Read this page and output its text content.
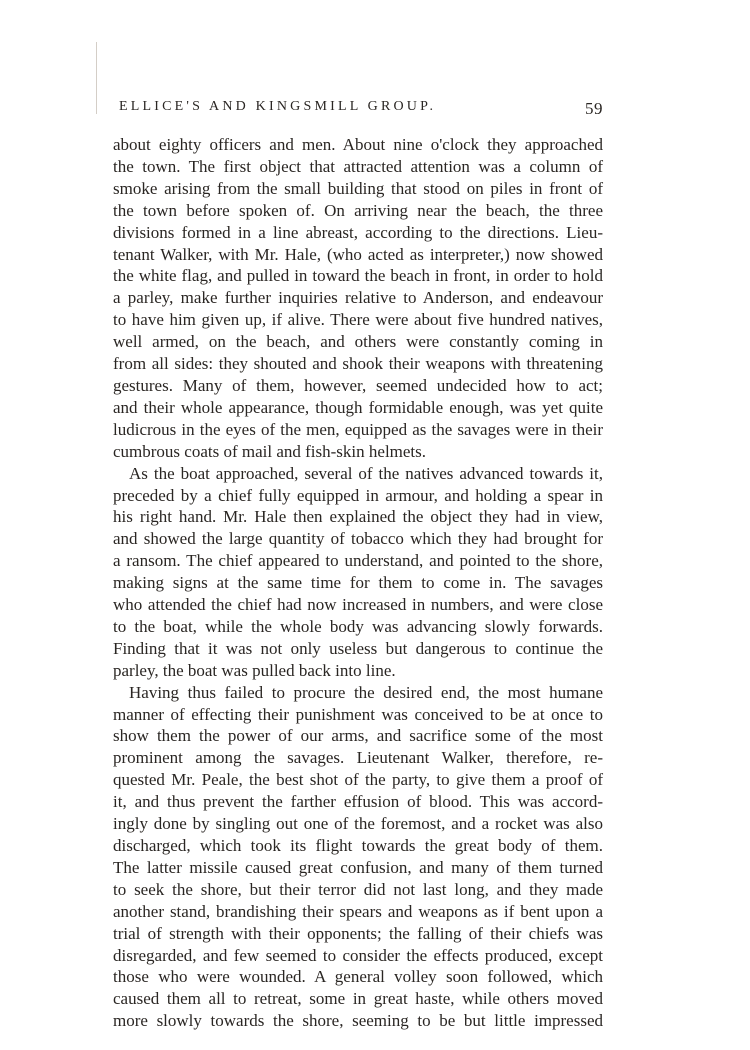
ELLICE'S AND KINGSMILL GROUP.	59

about eighty officers and men. About nine o'clock they approached

the town. The first object that attracted attention was a column of

smoke arising from the small building that stood on piles in front of

the town before spoken of. On arriving near the beach, the three

divisions formed in a line abreast, according to the directions. Lieu-

tenant Walker, with Mr. Hale, (who acted as interpreter,) now showed

the white flag, and pulled in toward the beach in front, in order to hold

a parley, make further inquiries relative to Anderson, and endeavour

to have him given up, if alive. There were about five hundred natives,

well armed, on the beach, and others were constantly coming in

from all sides: they shouted and shook their weapons with threatening

gestures. Many of them, however, seemed undecided how to act;

and their whole appearance, though formidable enough, was yet quite

ludicrous in the eyes of the men, equipped as the savages were in their

cumbrous coats of mail and fish-skin helmets.

As the boat approached, several of the natives advanced towards it,

preceded by a chief fully equipped in armour, and holding a spear in

his right hand. Mr. Hale then explained the object they had in view,

and showed the large quantity of tobacco which they had brought for

a ransom. The chief appeared to understand, and pointed to the shore,

making signs at the same time for them to come in. The savages

who attended the chief had now increased in numbers, and were close

to the boat, while the whole body was advancing slowly forwards.

Finding that it was not only useless but dangerous to continue the

parley, the boat was pulled back into line.

Having thus failed to procure the desired end, the most humane

manner of effecting their punishment was conceived to be at once to

show them the power of our arms, and sacrifice some of the most

prominent among the savages. Lieutenant Walker, therefore, re-

quested Mr. Peale, the best shot of the party, to give them a proof of

it, and thus prevent the farther effusion of blood. This was accord-

ingly done by singling out one of the foremost, and a rocket was also

discharged, which took its flight towards the great body of them.

The latter missile caused great confusion, and many of them turned

to seek the shore, but their terror did not last long, and they made

another stand, brandishing their spears and weapons as if bent upon a

trial of strength with their opponents; the falling of their chiefs was

disregarded, and few seemed to consider the effects produced, except

those who were wounded. A general volley soon followed, which

caused them all to retreat, some in great haste, while others moved

more slowly towards the shore, seeming to be but little impressed
